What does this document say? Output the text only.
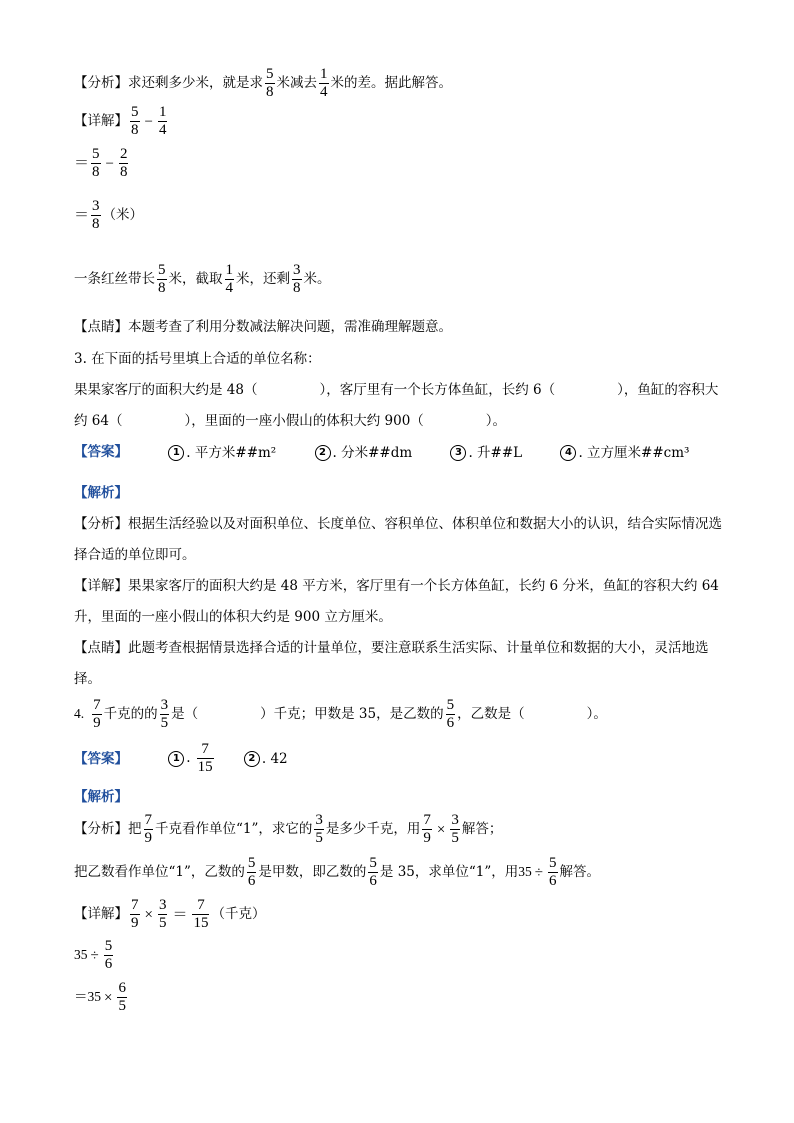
【分析】求还剩多少米，就是求 $\frac{5}{8}$ 米减去 $\frac{1}{4}$ 米的差。据此解答。
【详解】 $\frac{5}{8} - \frac{1}{4}$
＝ $\frac{5}{8} - \frac{2}{8}$
＝ $\frac{3}{8}$ （米）
一条红丝带长 $\frac{5}{8}$ 米，截取 $\frac{1}{4}$ 米，还剩 $\frac{3}{8}$ 米。
【点睛】本题考查了利用分数减法解决问题，需准确理解题意。
3. 在下面的括号里填上合适的单位名称：
果果家客厅的面积大约是 48（	），客厅里有一个长方体鱼缸，长约 6（	），鱼缸的容积大
约 64（	），里面的一座小假山的体积大约 900（	）。
【答案】	1 . 平方米##m²	2 . 分米##dm	3 . 升##L	4 . 立方厘米##cm³
【解析】
【分析】根据生活经验以及对面积单位、长度单位、容积单位、体积单位和数据大小的认识，结合实际情况选择合适的单位即可。
【详解】果果家客厅的面积大约是 48 平方米，客厅里有一个长方体鱼缸，长约 6 分米，鱼缸的容积大约 64 升，里面的一座小假山的体积大约是 900 立方厘米。
【点睛】此题考查根据情景选择合适的计量单位，要注意联系生活实际、计量单位和数据的大小，灵活地选择。
4. $\frac{7}{9}$ 千克的的 $\frac{3}{5}$ 是（	）千克；甲数是 35，是乙数的 $\frac{5}{6}$ ，乙数是（	）。
【答案】	1 . $\frac{7}{15}$	2 . 42
【解析】
【分析】把 $\frac{7}{9}$ 千克看作单位“1”，求它的 $\frac{3}{5}$ 是多少千克，用 $\frac{7}{9} \times \frac{3}{5}$ 解答；
把乙数看作单位“1”，乙数的 $\frac{5}{6}$ 是甲数，即乙数的 $\frac{5}{6}$ 是 35，求单位“1”，用$35 \div \frac{5}{6}$ 解答。
【详解】 $\frac{7}{9} \times \frac{3}{5} = \frac{7}{15}$ （千克）
$35 \div \frac{5}{6}$
$=35 \times \frac{6}{5}$
